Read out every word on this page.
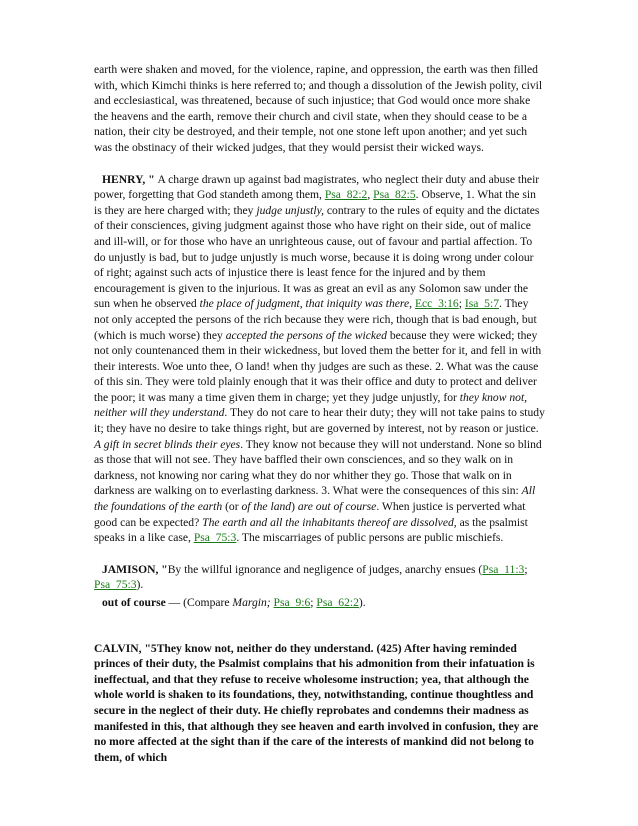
earth were shaken and moved, for the violence, rapine, and oppression, the earth was then filled with, which Kimchi thinks is here referred to; and though a dissolution of the Jewish polity, civil and ecclesiastical, was threatened, because of such injustice; that God would once more shake the heavens and the earth, remove their church and civil state, when they should cease to be a nation, their city be destroyed, and their temple, not one stone left upon another; and yet such was the obstinacy of their wicked judges, that they would persist their wicked ways.

HENRY, " A charge drawn up against bad magistrates, who neglect their duty and abuse their power, forgetting that God standeth among them, Psa_82:2, Psa_82:5. Observe, 1. What the sin is they are here charged with; they judge unjustly, contrary to the rules of equity and the dictates of their consciences, giving judgment against those who have right on their side, out of malice and ill-will, or for those who have an unrighteous cause, out of favour and partial affection. To do unjustly is bad, but to judge unjustly is much worse, because it is doing wrong under colour of right; against such acts of injustice there is least fence for the injured and by them encouragement is given to the injurious. It was as great an evil as any Solomon saw under the sun when he observed the place of judgment, that iniquity was there, Ecc_3:16; Isa_5:7. They not only accepted the persons of the rich because they were rich, though that is bad enough, but (which is much worse) they accepted the persons of the wicked because they were wicked; they not only countenanced them in their wickedness, but loved them the better for it, and fell in with their interests. Woe unto thee, O land! when thy judges are such as these. 2. What was the cause of this sin. They were told plainly enough that it was their office and duty to protect and deliver the poor; it was many a time given them in charge; yet they judge unjustly, for they know not, neither will they understand. They do not care to hear their duty; they will not take pains to study it; they have no desire to take things right, but are governed by interest, not by reason or justice. A gift in secret blinds their eyes. They know not because they will not understand. None so blind as those that will not see. They have baffled their own consciences, and so they walk on in darkness, not knowing nor caring what they do nor whither they go. Those that walk on in darkness are walking on to everlasting darkness. 3. What were the consequences of this sin: All the foundations of the earth (or of the land) are out of course. When justice is perverted what good can be expected? The earth and all the inhabitants thereof are dissolved, as the psalmist speaks in a like case, Psa_75:3. The miscarriages of public persons are public mischiefs.

JAMISON, "By the willful ignorance and negligence of judges, anarchy ensues (Psa_11:3; Psa_75:3).

out of course — (Compare Margin; Psa_9:6; Psa_62:2).

CALVIN, "5They know not, neither do they understand. (425) After having reminded princes of their duty, the Psalmist complains that his admonition from their infatuation is ineffectual, and that they refuse to receive wholesome instruction; yea, that although the whole world is shaken to its foundations, they, notwithstanding, continue thoughtless and secure in the neglect of their duty. He chiefly reprobates and condemns their madness as manifested in this, that although they see heaven and earth involved in confusion, they are no more affected at the sight than if the care of the interests of mankind did not belong to them, of which
